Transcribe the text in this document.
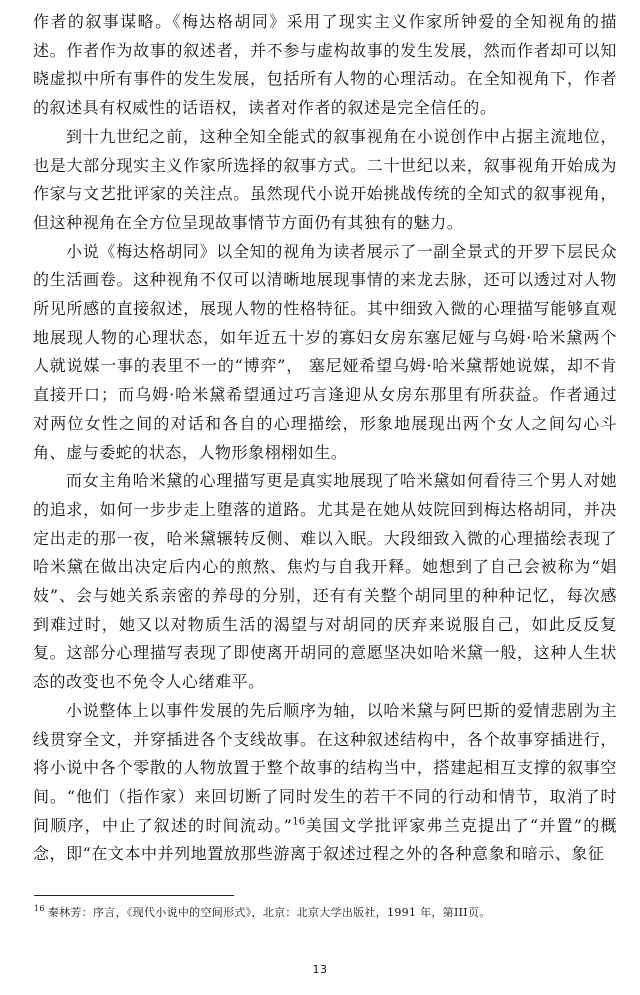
作者的叙事谋略。《梅达格胡同》采用了现实主义作家所钟爱的全知视角的描述。作者作为故事的叙述者，并不参与虚构故事的发生发展，然而作者却可以知晓虚拟中所有事件的发生发展，包括所有人物的心理活动。在全知视角下，作者的叙述具有权威性的话语权，读者对作者的叙述是完全信任的。

到十九世纪之前，这种全知全能式的叙事视角在小说创作中占据主流地位，也是大部分现实主义作家所选择的叙事方式。二十世纪以来，叙事视角开始成为作家与文艺批评家的关注点。虽然现代小说开始挑战传统的全知式的叙事视角，但这种视角在全方位呈现故事情节方面仍有其独有的魅力。

小说《梅达格胡同》以全知的视角为读者展示了一副全景式的开罗下层民众的生活画卷。这种视角不仅可以清晰地展现事情的来龙去脉，还可以透过对人物所见所感的直接叙述，展现人物的性格特征。其中细致入微的心理描写能够直观地展现人物的心理状态，如年近五十岁的寡妇女房东塞尼娅与乌姆·哈米黛两个人就说媒一事的表里不一的“博弈”， 塞尼娅希望乌姆·哈米黛帮她说媒，却不肯直接开口；而乌姆·哈米黛希望通过巧言逢迎从女房东那里有所获益。作者通过对两位女性之间的对话和各自的心理描绘，形象地展现出两个女人之间勾心斗角、虚与委蛇的状态，人物形象栩栩如生。

而女主角哈米黛的心理描写更是真实地展现了哈米黛如何看待三个男人对她的追求，如何一步步走上堕落的道路。尤其是在她从妓院回到梅达格胡同，并决定出走的那一夜，哈米黛辗转反侧、难以入眠。大段细致入微的心理描绘表现了哈米黛在做出决定后内心的煎熬、焦灼与自我开释。她想到了自己会被称为“娼妓”、会与她关系亲密的养母的分别，还有有关整个胡同里的种种记忆，每次感到难过时，她又以对物质生活的渴望与对胡同的厌弃来说服自己，如此反反复复。这部分心理描写表现了即使离开胡同的意愿坚决如哈米黛一般，这种人生状态的改变也不免令人心绪难平。

小说整体上以事件发展的先后顺序为轴，以哈米黛与阿巴斯的爱情悲剧为主线贯穿全文，并穿插进各个支线故事。在这种叙述结构中，各个故事穿插进行，将小说中各个零散的人物放置于整个故事的结构当中，搭建起相互支撑的叙事空间。“他们（指作家）来回切断了同时发生的若干不同的行动和情节，取消了时间顺序，中止了叙述的时间流动。”$^{16}$美国文学批评家弗兰克提出了“并置”的概念，即“在文本中并列地置放那些游离于叙述过程之外的各种意象和暗示、象征

$^{16}$ 秦林芳：序言，《现代小说中的空间形式》，北京：北京大学出版社，1991 年，第III页。
13
